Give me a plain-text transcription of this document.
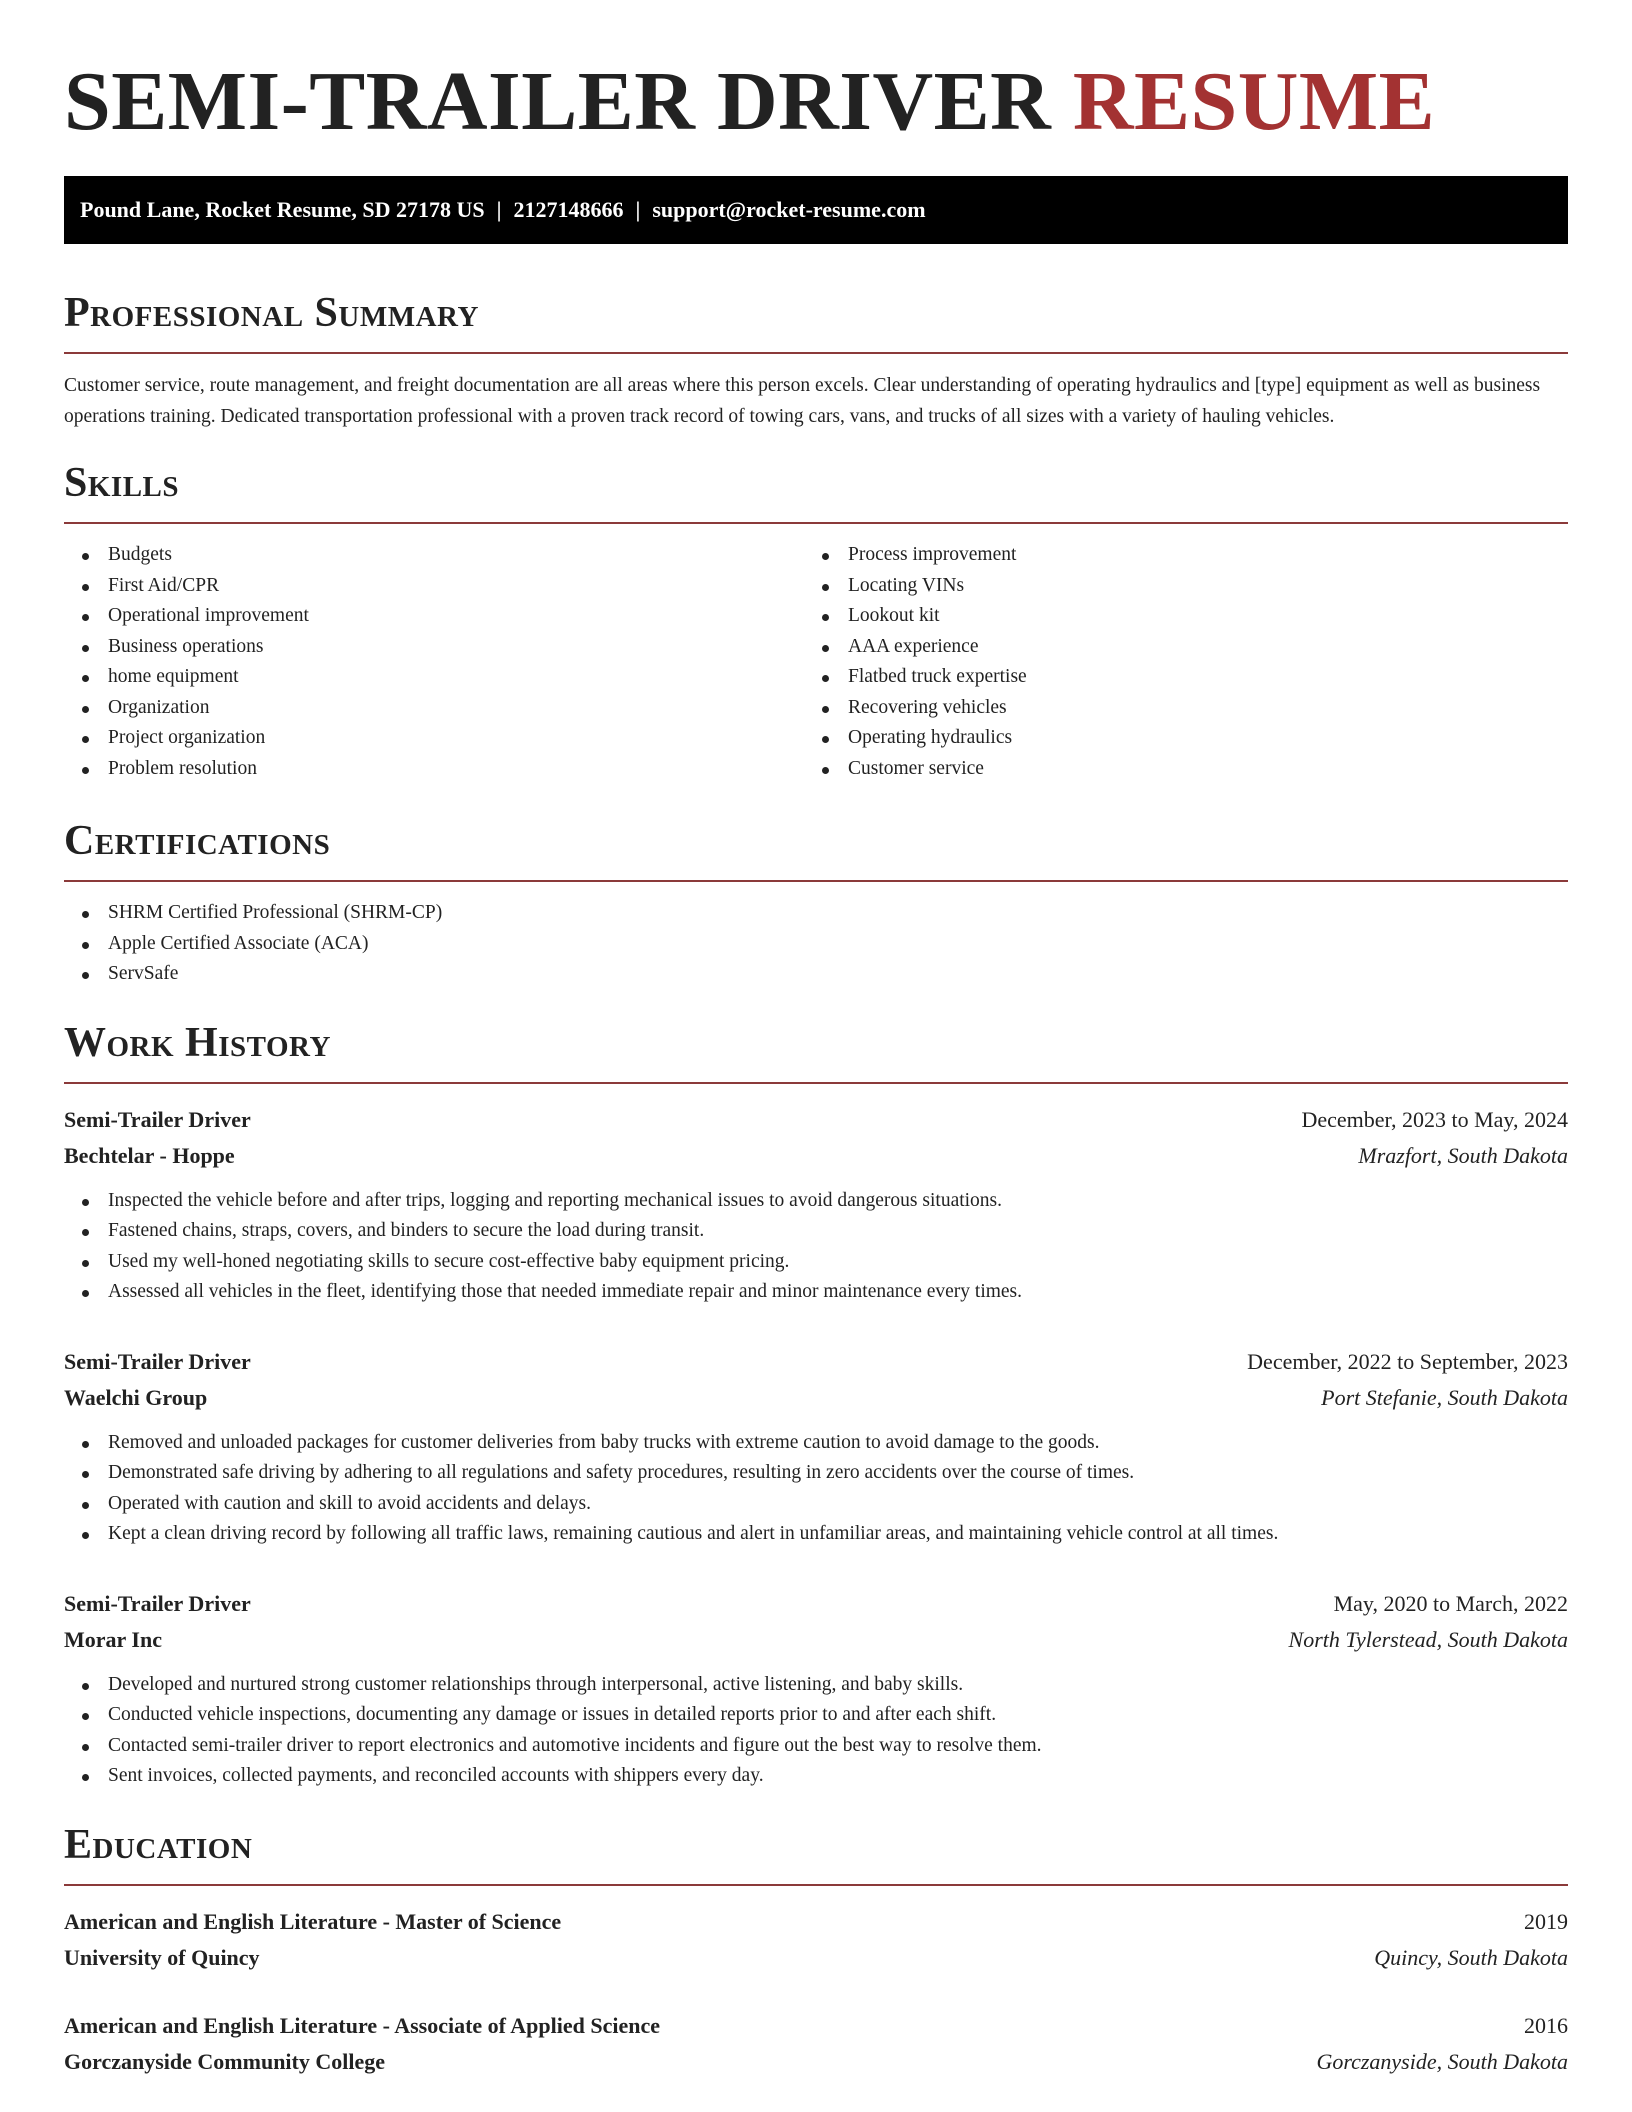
SEMI-TRAILER DRIVER RESUME
Pound Lane, Rocket Resume, SD 27178 US | 2127148666 | support@rocket-resume.com
Professional Summary

Customer service, route management, and freight documentation are all areas where this person excels. Clear understanding of operating hydraulics and [type] equipment as well as business operations training. Dedicated transportation professional with a proven track record of towing cars, vans, and trucks of all sizes with a variety of hauling vehicles.

Skills
Budgets
First Aid/CPR
Operational improvement
Business operations
home equipment
Organization
Project organization
Problem resolution
Process improvement
Locating VINs
Lookout kit
AAA experience
Flatbed truck expertise
Recovering vehicles
Operating hydraulics
Customer service
Certifications
SHRM Certified Professional (SHRM-CP)
Apple Certified Associate (ACA)
ServSafe
Work History
Semi-Trailer Driver	December, 2023 to May, 2024
Bechtelar - Hoppe	Mrazfort, South Dakota
Inspected the vehicle before and after trips, logging and reporting mechanical issues to avoid dangerous situations.
Fastened chains, straps, covers, and binders to secure the load during transit.
Used my well-honed negotiating skills to secure cost-effective baby equipment pricing.
Assessed all vehicles in the fleet, identifying those that needed immediate repair and minor maintenance every times.
Semi-Trailer Driver	December, 2022 to September, 2023
Waelchi Group	Port Stefanie, South Dakota
Removed and unloaded packages for customer deliveries from baby trucks with extreme caution to avoid damage to the goods.
Demonstrated safe driving by adhering to all regulations and safety procedures, resulting in zero accidents over the course of times.
Operated with caution and skill to avoid accidents and delays.
Kept a clean driving record by following all traffic laws, remaining cautious and alert in unfamiliar areas, and maintaining vehicle control at all times.
Semi-Trailer Driver	May, 2020 to March, 2022
Morar Inc	North Tylerstead, South Dakota
Developed and nurtured strong customer relationships through interpersonal, active listening, and baby skills.
Conducted vehicle inspections, documenting any damage or issues in detailed reports prior to and after each shift.
Contacted semi-trailer driver to report electronics and automotive incidents and figure out the best way to resolve them.
Sent invoices, collected payments, and reconciled accounts with shippers every day.
Education
American and English Literature - Master of Science	2019
University of Quincy	Quincy, South Dakota
American and English Literature - Associate of Applied Science	2016
Gorczanyside Community College	Gorczanyside, South Dakota
